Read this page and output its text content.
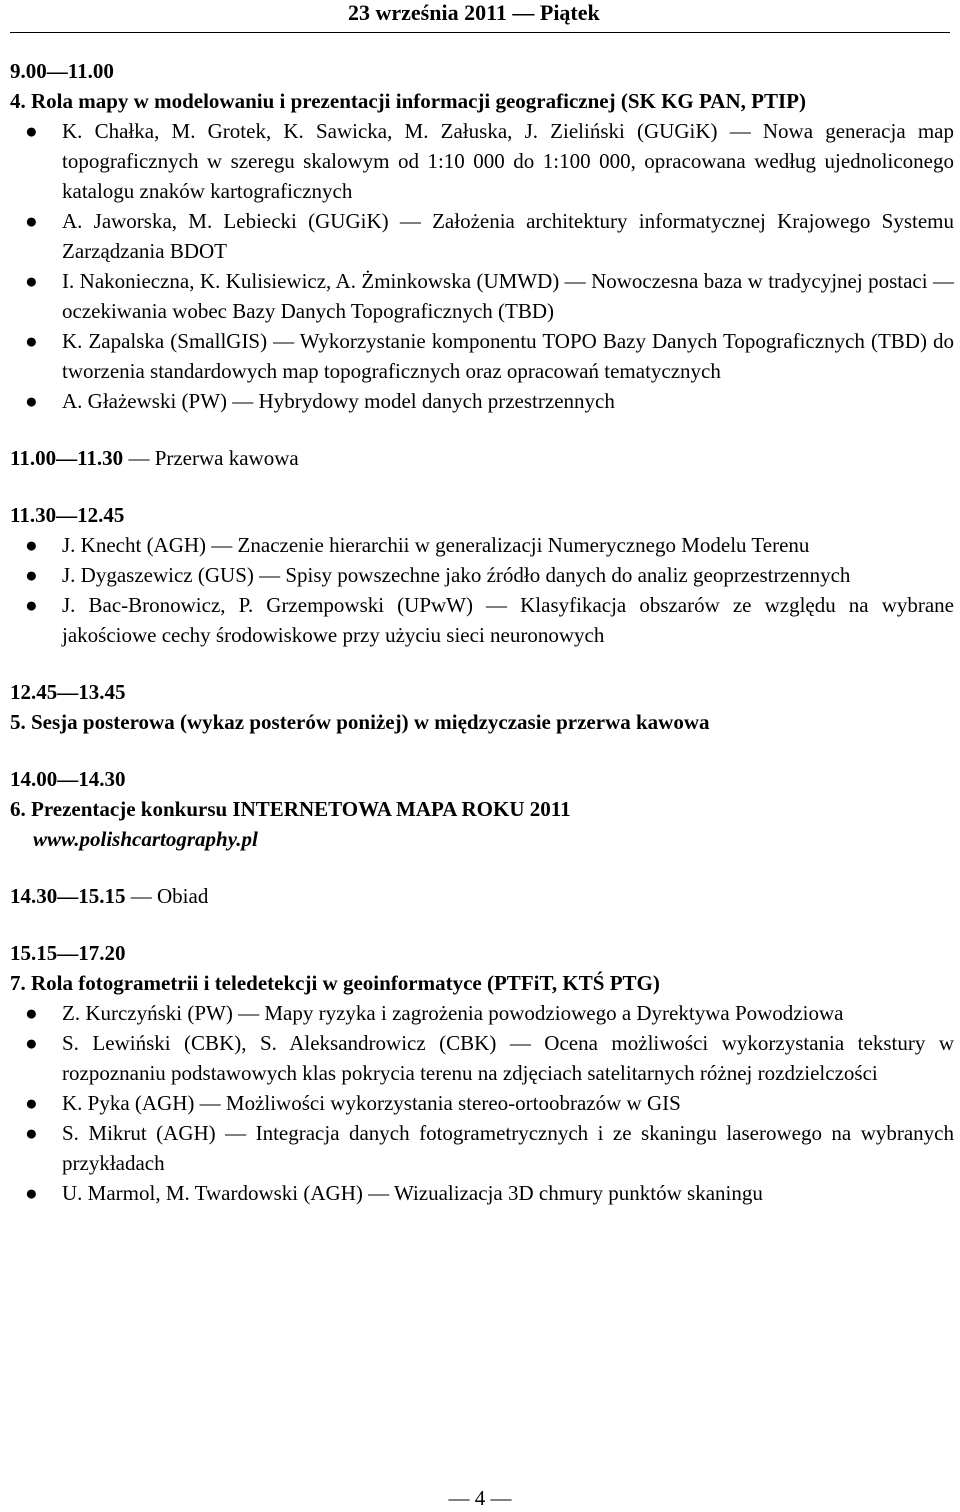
23 września 2011 — Piątek
9.00—11.00
4. Rola mapy w modelowaniu i prezentacji informacji geograficznej (SK KG PAN, PTIP)
● K. Chałka, M. Grotek, K. Sawicka, M. Załuska, J. Zieliński (GUGiK) — Nowa generacja map topograficznych w szeregu skalowym od 1:10 000 do 1:100 000, opracowana według ujednoliconego katalogu znaków kartograficznych
● A. Jaworska, M. Lebiecki (GUGiK) — Założenia architektury informatycznej Krajowego Systemu Zarządzania BDOT
● I. Nakonieczna, K. Kulisiewicz, A. Żminkowska (UMWD) — Nowoczesna baza w tradycyjnej postaci — oczekiwania wobec Bazy Danych Topograficznych (TBD)
● K. Zapalska (SmallGIS) — Wykorzystanie komponentu TOPO Bazy Danych Topograficznych (TBD) do tworzenia standardowych map topograficznych oraz opracowań tematycznych
● A. Głażewski (PW) — Hybrydowy model danych przestrzennych
11.00—11.30 — Przerwa kawowa
11.30—12.45
● J. Knecht (AGH) — Znaczenie hierarchii w generalizacji Numerycznego Modelu Terenu
● J. Dygaszewicz (GUS) — Spisy powszechne jako źródło danych do analiz geoprzestrzennych
● J. Bac-Bronowicz, P. Grzempowski (UPwW) — Klasyfikacja obszarów ze względu na wybrane jakościowe cechy środowiskowe przy użyciu sieci neuronowych
12.45—13.45
5. Sesja posterowa (wykaz posterów poniżej) w międzyczasie przerwa kawowa
14.00—14.30
6. Prezentacje konkursu INTERNETOWA MAPA ROKU 2011
www.polishcartography.pl
14.30—15.15 — Obiad
15.15—17.20
7. Rola fotogrametrii i teledetekcji w geoinformatyce (PTFiT, KTŚ PTG)
● Z. Kurczyński (PW) — Mapy ryzyka i zagrożenia powodziowego a Dyrektywa Powodziowa
● S. Lewiński (CBK), S. Aleksandrowicz (CBK) — Ocena możliwości wykorzystania tekstury w rozpoznaniu podstawowych klas pokrycia terenu na zdjęciach satelitarnych różnej rozdzielczości
● K. Pyka (AGH) — Możliwości wykorzystania stereo-ortoobrazów w GIS
● S. Mikrut (AGH) — Integracja danych fotogrametrycznych i ze skaningu laserowego na wybranych przykładach
● U. Marmol, M. Twardowski (AGH) — Wizualizacja 3D chmury punktów skaningu
— 4 —
